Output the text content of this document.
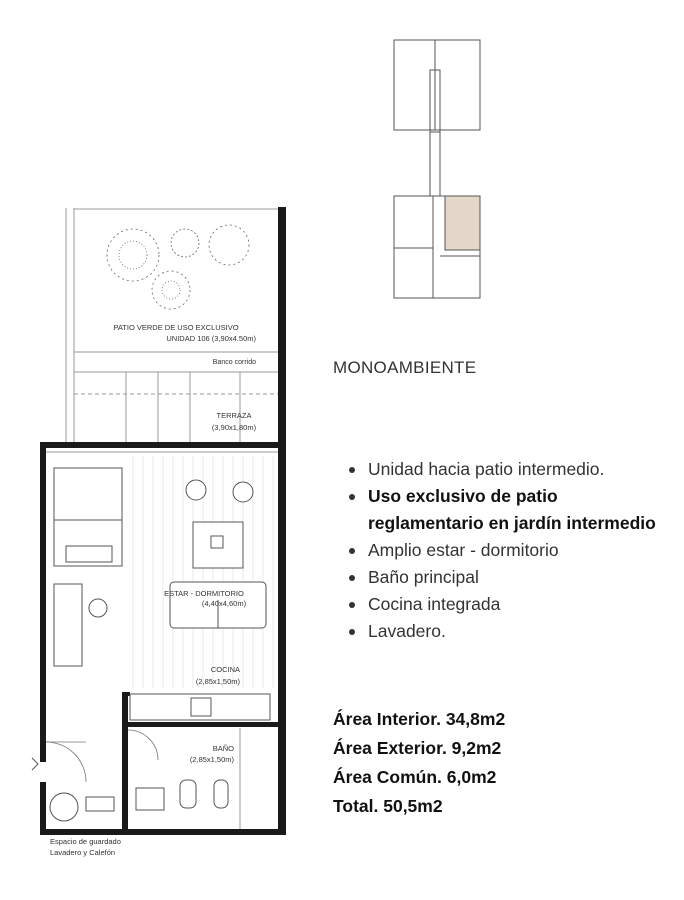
PATIO VERDE DE USO EXCLUSIVO
UNIDAD 106 (3,90x4.50m)
Banco corrido
TERRAZA
(3,90x1,80m)
ESTAR - DORMITORIO
(4,40x4,60m)
COCINA
(2,85x1,50m)
BAÑO
(2,85x1,50m)
Espacio de guardado
Lavadero y Calefón
MONOAMBIENTE
Unidad hacia patio intermedio.
Uso exclusivo de patio reglamentario en jardín intermedio
Amplio estar - dormitorio
Baño principal
Cocina integrada
Lavadero.
Área Interior. 34,8m2
Área Exterior. 9,2m2
Área Común. 6,0m2
Total. 50,5m2
